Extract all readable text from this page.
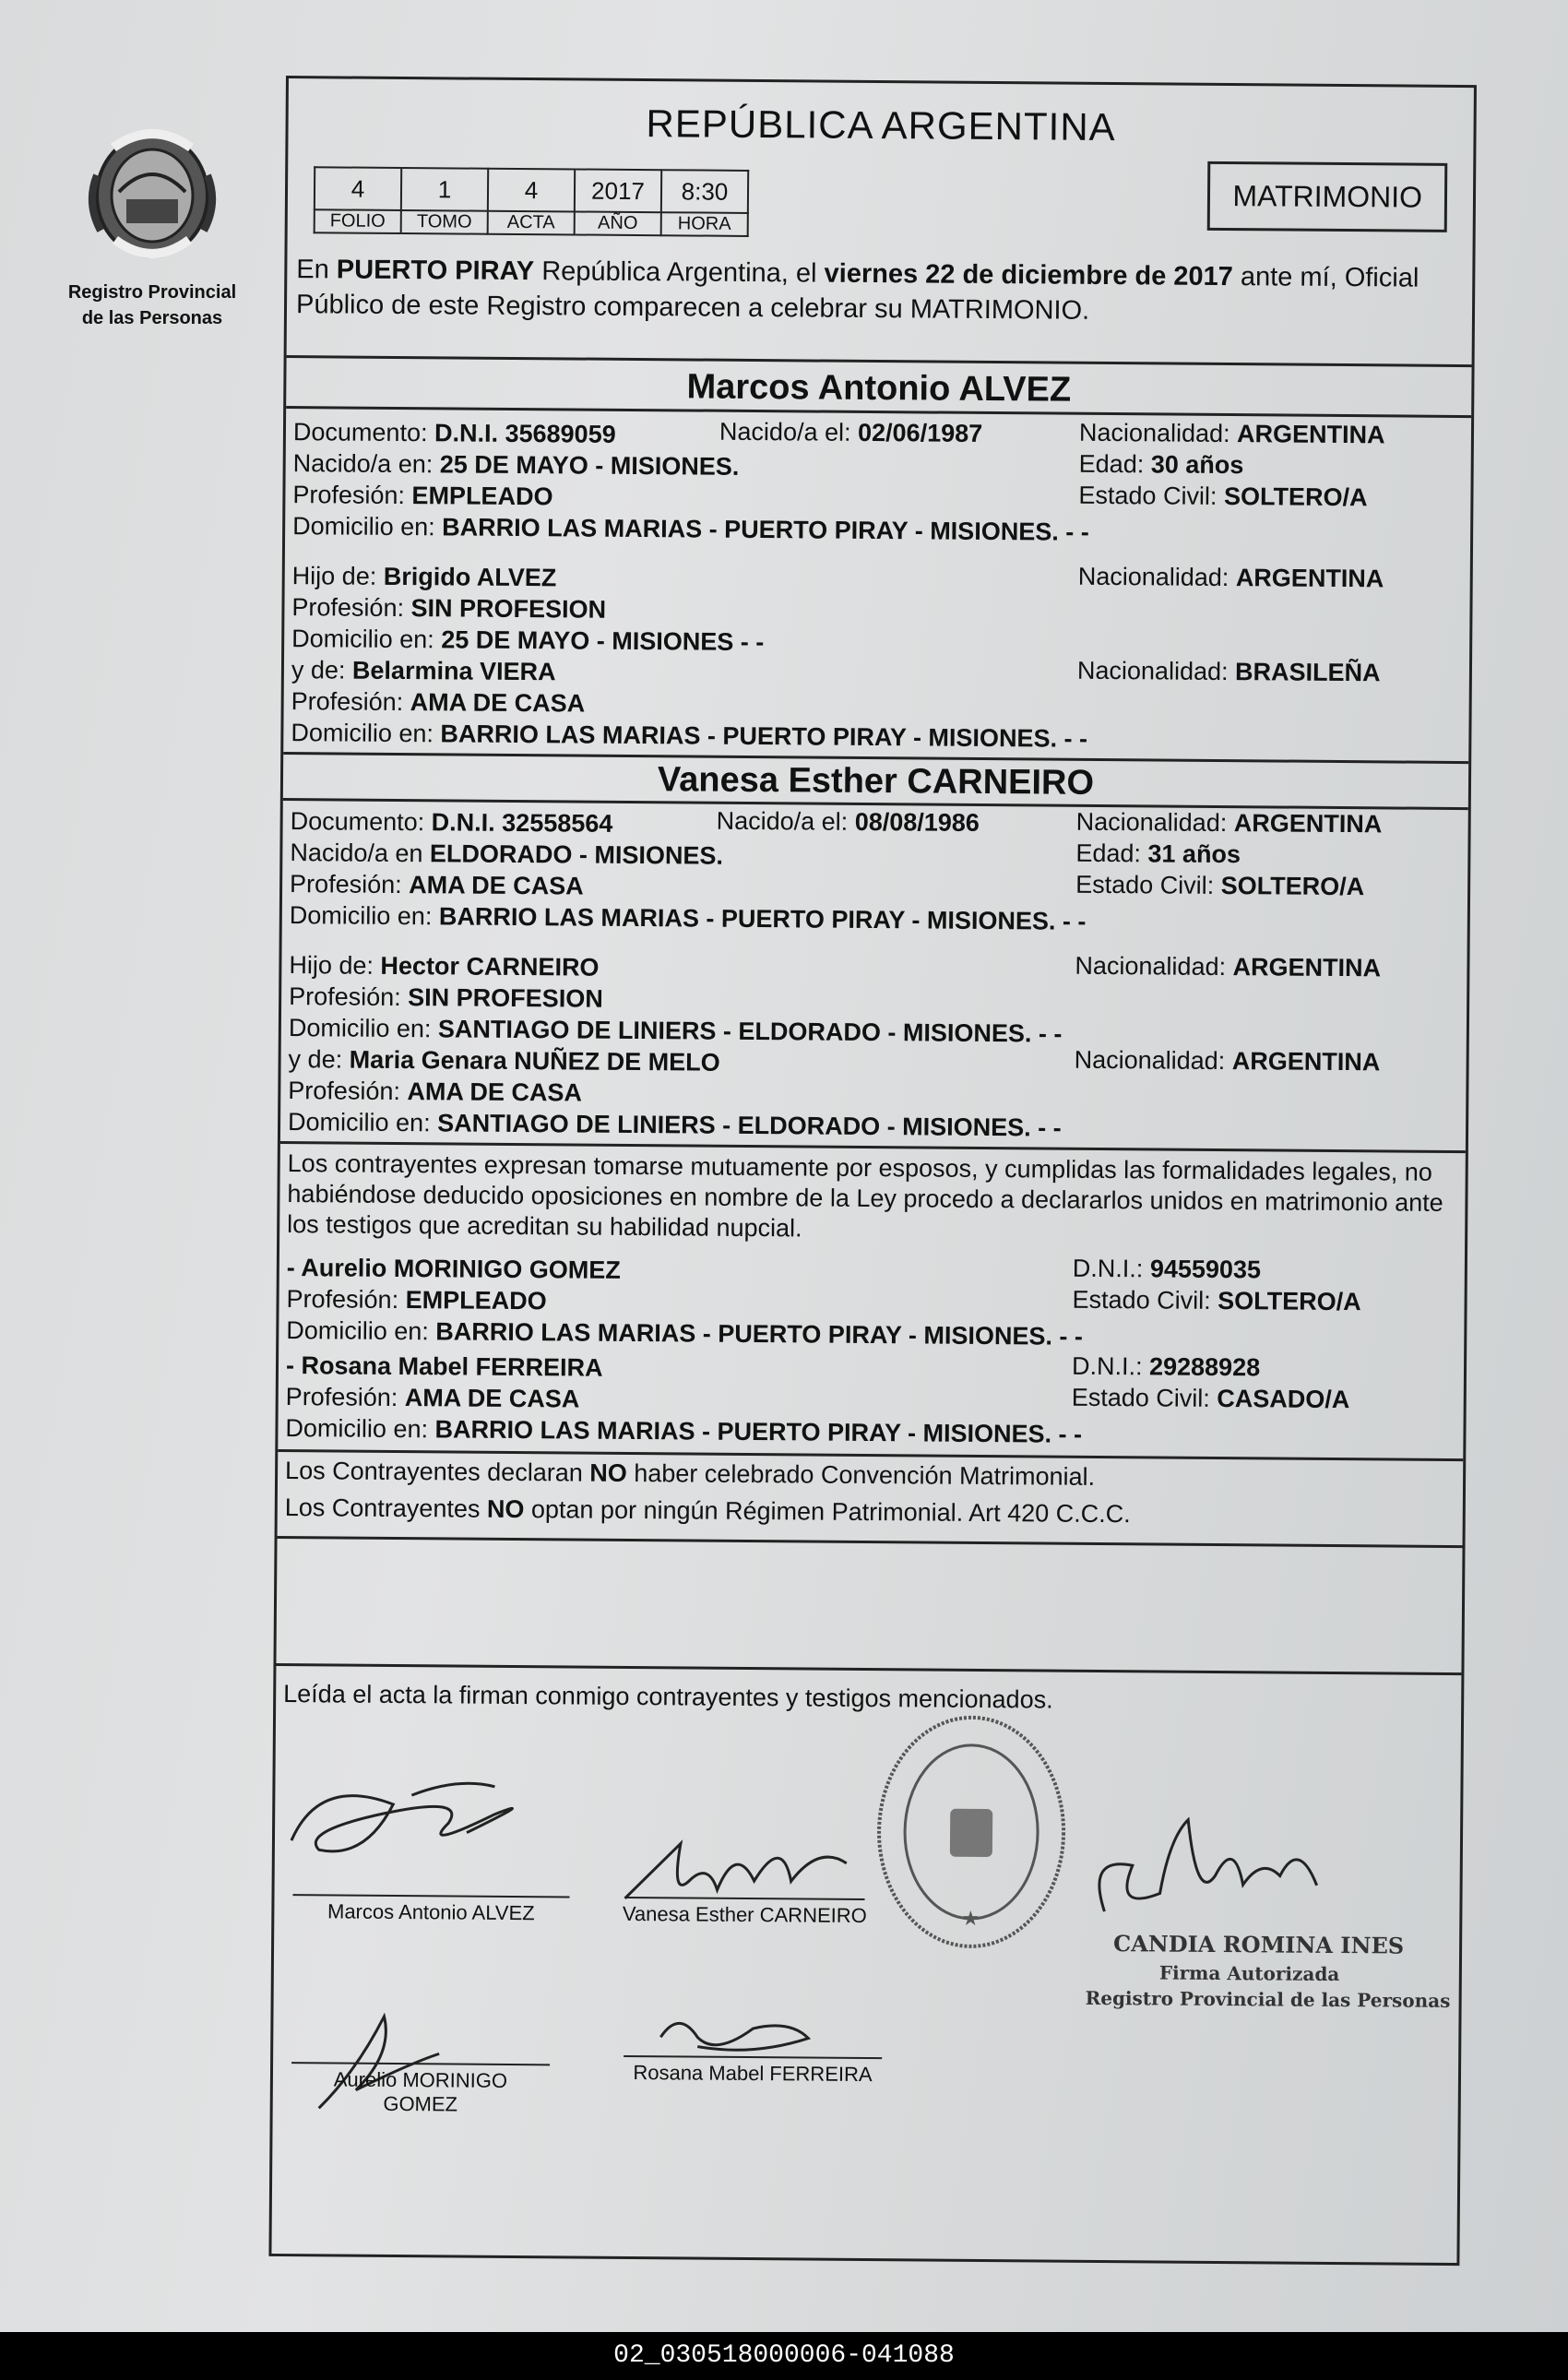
Registro Provincial
de las Personas
REPÚBLICA ARGENTINA
4	1	4	2017	8:30
FOLIO	TOMO	ACTA	AÑO	HORA
MATRIMONIO
En PUERTO PIRAY República Argentina, el viernes 22 de diciembre de 2017 ante mí, Oficial Público de este Registro comparecen a celebrar su MATRIMONIO.
Marcos Antonio ALVEZ
Documento: D.N.I. 35689059	Nacido/a el: 02/06/1987	Nacionalidad: ARGENTINA
Nacido/a en: 25 DE MAYO - MISIONES.	Edad: 30 años
Profesión: EMPLEADO	Estado Civil: SOLTERO/A
Domicilio en: BARRIO LAS MARIAS - PUERTO PIRAY - MISIONES. - -
Hijo de: Brigido ALVEZ	Nacionalidad: ARGENTINA
Profesión: SIN PROFESION
Domicilio en: 25 DE MAYO - MISIONES - -
y de: Belarmina VIERA	Nacionalidad: BRASILEÑA
Profesión: AMA DE CASA
Domicilio en: BARRIO LAS MARIAS - PUERTO PIRAY - MISIONES. - -
Vanesa Esther CARNEIRO
Documento: D.N.I. 32558564	Nacido/a el: 08/08/1986	Nacionalidad: ARGENTINA
Nacido/a en ELDORADO - MISIONES.	Edad: 31 años
Profesión: AMA DE CASA	Estado Civil: SOLTERO/A
Domicilio en: BARRIO LAS MARIAS - PUERTO PIRAY - MISIONES. - -
Hijo de: Hector CARNEIRO	Nacionalidad: ARGENTINA
Profesión: SIN PROFESION
Domicilio en: SANTIAGO DE LINIERS - ELDORADO - MISIONES. - -
y de: Maria Genara NUÑEZ DE MELO	Nacionalidad: ARGENTINA
Profesión: AMA DE CASA
Domicilio en: SANTIAGO DE LINIERS - ELDORADO - MISIONES. - -
Los contrayentes expresan tomarse mutuamente por esposos, y cumplidas las formalidades legales, no habiéndose deducido oposiciones en nombre de la Ley procedo a declararlos unidos en matrimonio ante los testigos que acreditan su habilidad nupcial.
- Aurelio MORINIGO GOMEZ	D.N.I.: 94559035
Profesión: EMPLEADO	Estado Civil: SOLTERO/A
Domicilio en: BARRIO LAS MARIAS - PUERTO PIRAY - MISIONES. - -
- Rosana Mabel FERREIRA	D.N.I.: 29288928
Profesión: AMA DE CASA	Estado Civil: CASADO/A
Domicilio en: BARRIO LAS MARIAS - PUERTO PIRAY - MISIONES. - -
Los Contrayentes declaran NO haber celebrado Convención Matrimonial.
Los Contrayentes NO optan por ningún Régimen Patrimonial. Art 420 C.C.C.
Leída el acta la firman conmigo contrayentes y testigos mencionados.
Marcos Antonio ALVEZ	Vanesa Esther CARNEIRO
Aurelio MORINIGO
GOMEZ
Rosana Mabel FERREIRA
★
CANDIA ROMINA INES
Firma Autorizada
Registro Provincial de las Personas
02_030518000006-041088
